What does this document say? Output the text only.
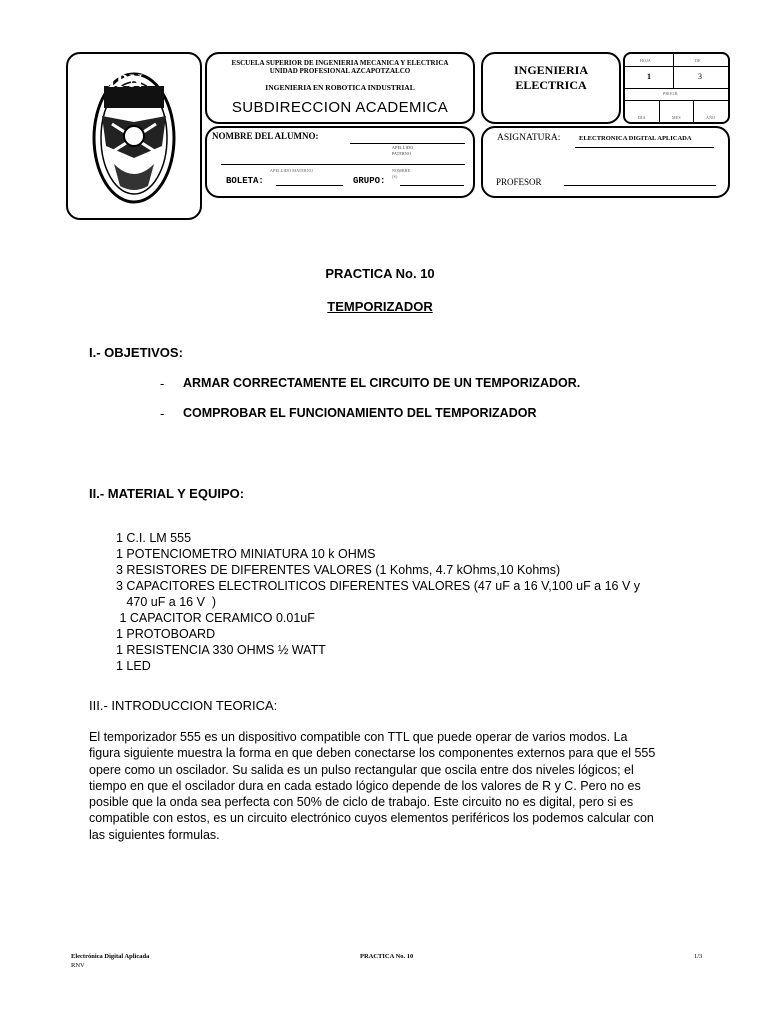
IPN
ESCUELA SUPERIOR DE INGENIERIA MECANICA Y ELECTRICA
UNIDAD PROFESIONAL AZCAPOTZALCO
INGENIERIA EN ROBOTICA INDUSTRIAL
SUBDIRECCION ACADEMICA
INGENIERIA
ELECTRICA
HOJA	DE
1	3
PROGR.
DIA	MES	AÑO
NOMBRE DEL ALUMNO:
APELLIDO
PATERNO
APELLIDO MATERNO	NOMBRE
(S)
BOLETA:	GRUPO:
ASIGNATURA:	ELECTRONICA DIGITAL APLICADA
PROFESOR
PRACTICA No. 10
TEMPORIZADOR
I.- OBJETIVOS:
- ARMAR CORRECTAMENTE EL CIRCUITO DE UN TEMPORIZADOR.
- COMPROBAR EL FUNCIONAMIENTO DEL TEMPORIZADOR
II.- MATERIAL Y EQUIPO:
1 C.I. LM 555
1 POTENCIOMETRO MINIATURA 10 k OHMS
3 RESISTORES DE DIFERENTES VALORES (1 Kohms, 4.7 kOhms,10 Kohms)
3 CAPACITORES ELECTROLITICOS DIFERENTES VALORES (47 uF a 16 V,100 uF a 16 V y
470 uF a 16 V  )
1 CAPACITOR CERAMICO 0.01uF
1 PROTOBOARD
1 RESISTENCIA 330 OHMS ½ WATT
1 LED
III.- INTRODUCCION TEORICA:
El temporizador 555 es un dispositivo compatible con TTL que puede operar de varios modos. La
figura siguiente muestra la forma en que deben conectarse los componentes externos para que el 555
opere como un oscilador. Su salida es un pulso rectangular que oscila entre dos niveles lógicos; el
tiempo en que el oscilador dura en cada estado lógico depende de los valores de R y C. Pero no es
posible que la onda sea perfecta con 50% de ciclo de trabajo. Este circuito no es digital, pero si es
compatible con estos, es un circuito electrónico cuyos elementos periféricos los podemos calcular con
las siguientes formulas.
Electrónica Digital Aplicada
RNV
PRACTICA No. 10	1/3
